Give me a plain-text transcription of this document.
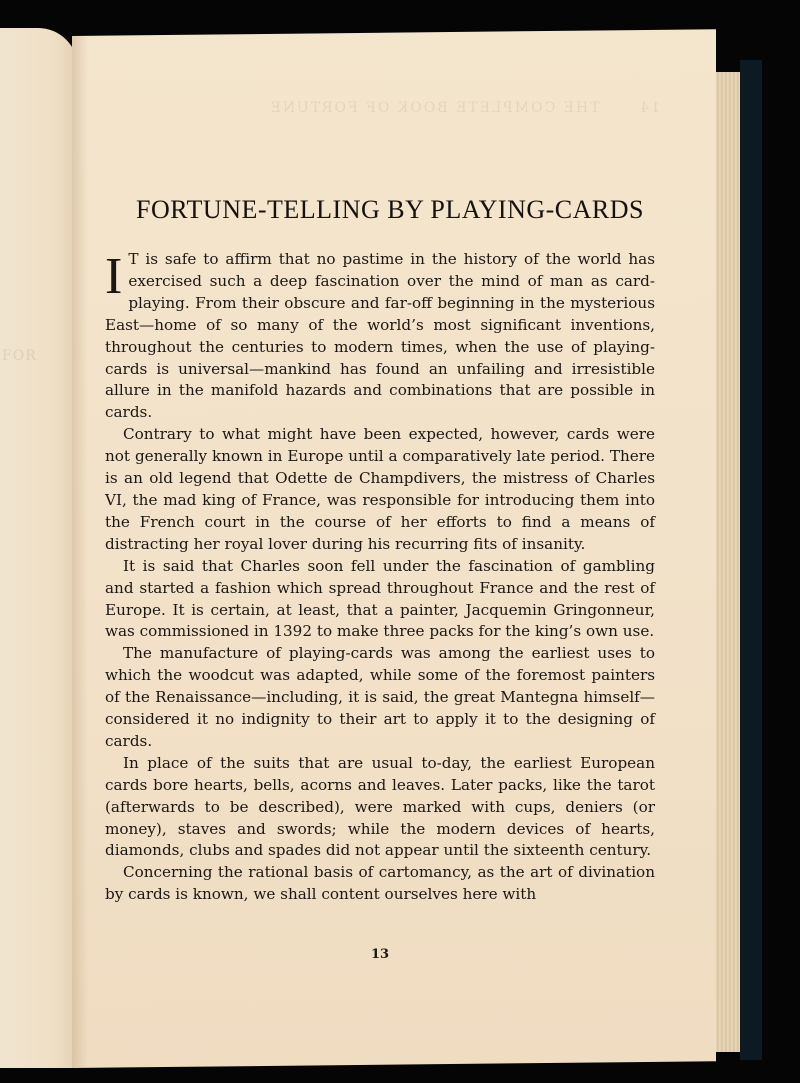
FOR
14      THE COMPLETE BOOK OF FORTUNE
FORTUNE-TELLING BY PLAYING-CARDS

I T is safe to affirm that no pastime in the history of the world has exercised such a deep fascination over the mind of man as card-playing. From their obscure and far-off beginning in the mysterious East—home of so many of the world’s most significant inventions, throughout the centuries to modern times, when the use of playing-cards is universal—mankind has found an unfailing and irresistible allure in the manifold hazards and combinations that are possible in cards.

Contrary to what might have been expected, however, cards were not generally known in Europe until a comparatively late period. There is an old legend that Odette de Champdivers, the mistress of Charles VI, the mad king of France, was responsible for introducing them into the French court in the course of her efforts to find a means of distracting her royal lover during his recurring fits of insanity.

It is said that Charles soon fell under the fascination of gambling and started a fashion which spread throughout France and the rest of Europe. It is certain, at least, that a painter, Jacquemin Gringonneur, was commissioned in 1392 to make three packs for the king’s own use.

The manufacture of playing-cards was among the earliest uses to which the woodcut was adapted, while some of the foremost painters of the Renaissance—including, it is said, the great Mantegna himself—considered it no indignity to their art to apply it to the designing of cards.

In place of the suits that are usual to-day, the earliest European cards bore hearts, bells, acorns and leaves. Later packs, like the tarot (afterwards to be described), were marked with cups, deniers (or money), staves and swords; while the modern devices of hearts, diamonds, clubs and spades did not appear until the sixteenth century.

Concerning the rational basis of cartomancy, as the art of divination by cards is known, we shall content ourselves here with

13
